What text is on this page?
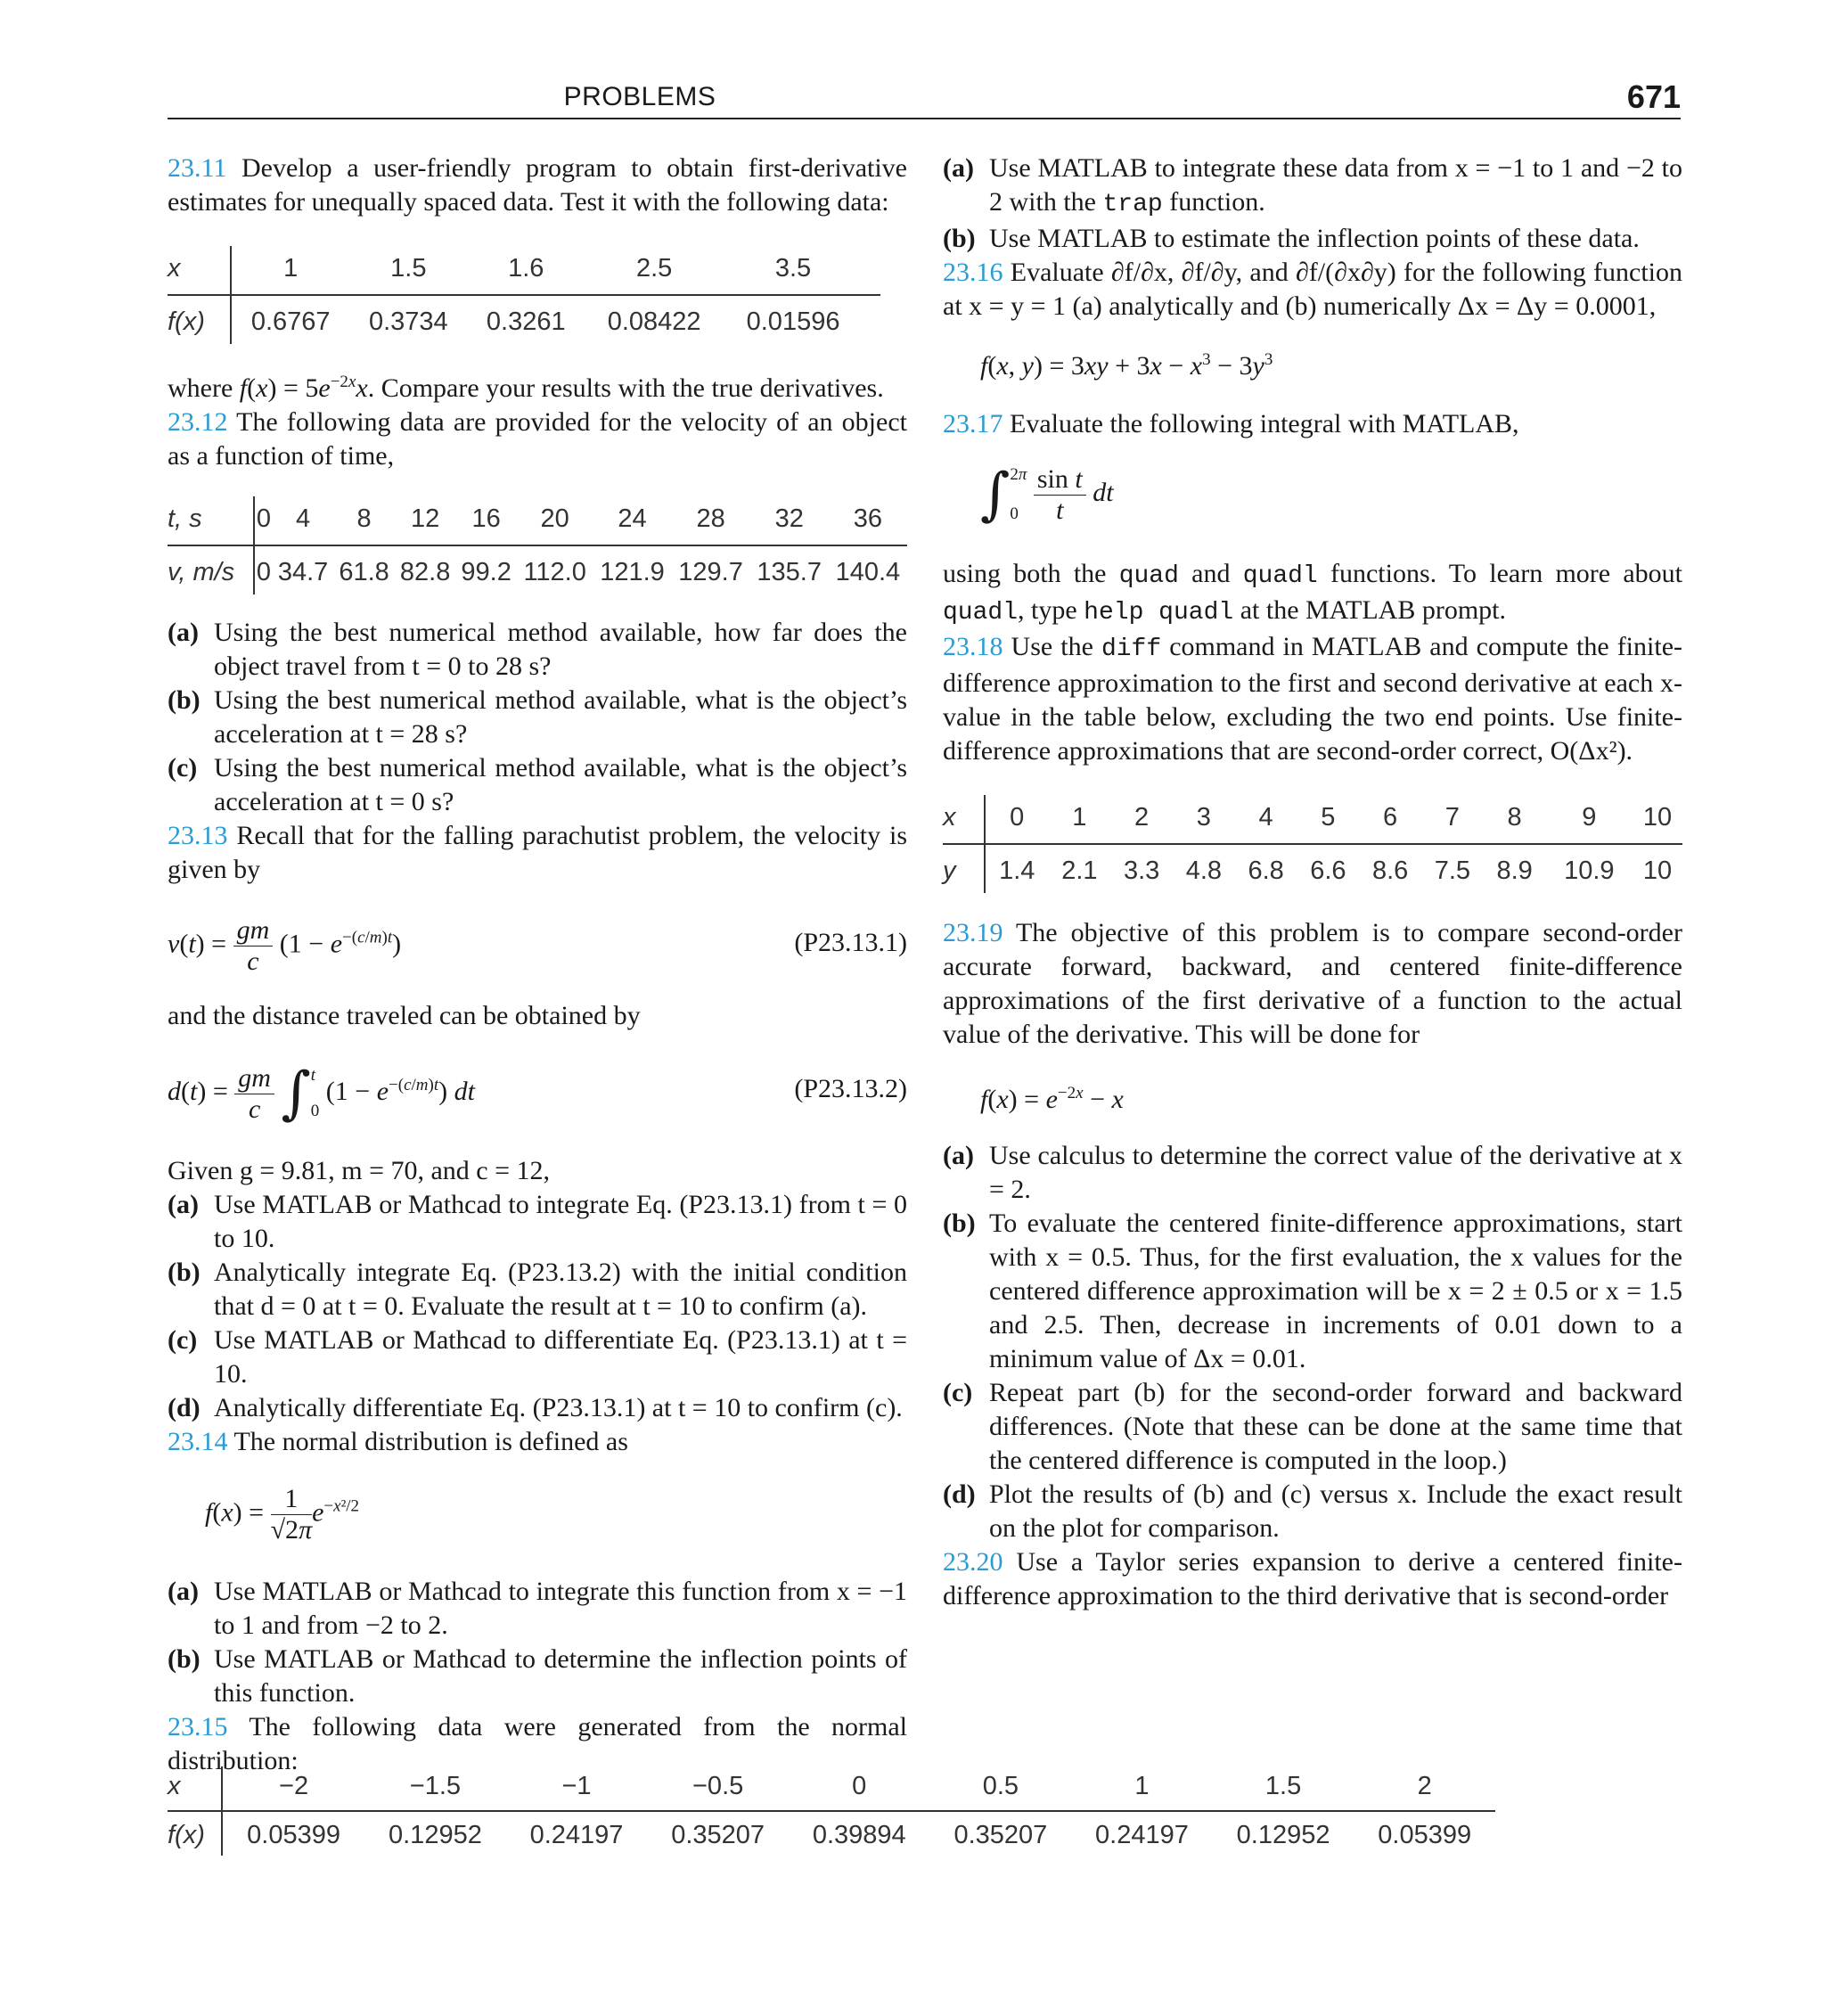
PROBLEMS	671

23.11 Develop a user-friendly program to obtain first-derivative estimates for unequally spaced data. Test it with the following data:

x	1	1.5	1.6	2.5	3.5	
f(x)	0.6767	0.3734	0.3261	0.08422	0.01596	

where $f(x) = 5e^{-2x}x$. Compare your results with the true derivatives.

23.12 The following data are provided for the velocity of an object as a function of time,

t, s	0	4	8	12	16	20	24	28	32	36
v, m/s	0	34.7	61.8	82.8	99.2	112.0	121.9	129.7	135.7	140.4
(a) Using the best numerical method available, how far does the object travel from t = 0 to 28 s?
(b) Using the best numerical method available, what is the object’s acceleration at t = 28 s?
(c) Using the best numerical method available, what is the object’s acceleration at t = 0 s?

23.13 Recall that for the falling parachutist problem, the velocity is given by

$v(t) = \frac{gm}{c} (1 - e^{-(c/m)t})$	(P23.13.1)

and the distance traveled can be obtained by

$d(t) = \frac{gm}{c} \int t$
0 $(1 - e^{-(c/m)t})$ dt	(P23.13.2)

Given g = 9.81, m = 70, and c = 12,

(a) Use MATLAB or Mathcad to integrate Eq. (P23.13.1) from t = 0 to 10.
(b) Analytically integrate Eq. (P23.13.2) with the initial condition that d = 0 at t = 0. Evaluate the result at t = 10 to confirm (a).
(c) Use MATLAB or Mathcad to differentiate Eq. (P23.13.1) at t = 10.
(d) Analytically differentiate Eq. (P23.13.1) at t = 10 to confirm (c).

23.14 The normal distribution is defined as

$f(x) = \frac{1}{√2\pi} e^{-x^2/2}$
(a) Use MATLAB or Mathcad to integrate this function from x = −1 to 1 and from −2 to 2.
(b) Use MATLAB or Mathcad to determine the inflection points of this function.

23.15 The following data were generated from the normal distribution:

(a) Use MATLAB to integrate these data from x = −1 to 1 and −2 to 2 with the trap function.
(b) Use MATLAB to estimate the inflection points of these data.

23.16 Evaluate ∂f/∂x, ∂f/∂y, and ∂f/(∂x∂y) for the following function at x = y = 1 (a) analytically and (b) numerically Δx = Δy = 0.0001,

f(x, $y) = 3xy + 3x - x^3 - 3y^3$

23.17 Evaluate the following integral with MATLAB,

∫2π
$0 \frac{\text{sin t}}{t}$ dt

using both the quad and quadl functions. To learn more about quadl, type help quadl at the MATLAB prompt.

23.18 Use the diff command in MATLAB and compute the finite-difference approximation to the first and second derivative at each x-value in the table below, excluding the two end points. Use finite-difference approximations that are second-order correct, O(Δx²).

x	0	1	2	3	4	5	6	7	8	9	10
y	1.4	2.1	3.3	4.8	6.8	6.6	8.6	7.5	8.9	10.9	10

23.19 The objective of this problem is to compare second-order accurate forward, backward, and centered finite-difference approximations of the first derivative of a function to the actual value of the derivative. This will be done for

$f(x) = e^{-2x} - x$
(a) Use calculus to determine the correct value of the derivative at x = 2.
(b) To evaluate the centered finite-difference approximations, start with x = 0.5. Thus, for the first evaluation, the x values for the centered difference approximation will be x = 2 ± 0.5 or x = 1.5 and 2.5. Then, decrease in increments of 0.01 down to a minimum value of Δx = 0.01.
(c) Repeat part (b) for the second-order forward and backward differences. (Note that these can be done at the same time that the centered difference is computed in the loop.)
(d) Plot the results of (b) and (c) versus x. Include the exact result on the plot for comparison.

23.20 Use a Taylor series expansion to derive a centered finite-difference approximation to the third derivative that is second-order

x	−2	−1.5	−1	−0.5	0	0.5	1	1.5	2
f(x)	0.05399	0.12952	0.24197	0.35207	0.39894	0.35207	0.24197	0.12952	0.05399
